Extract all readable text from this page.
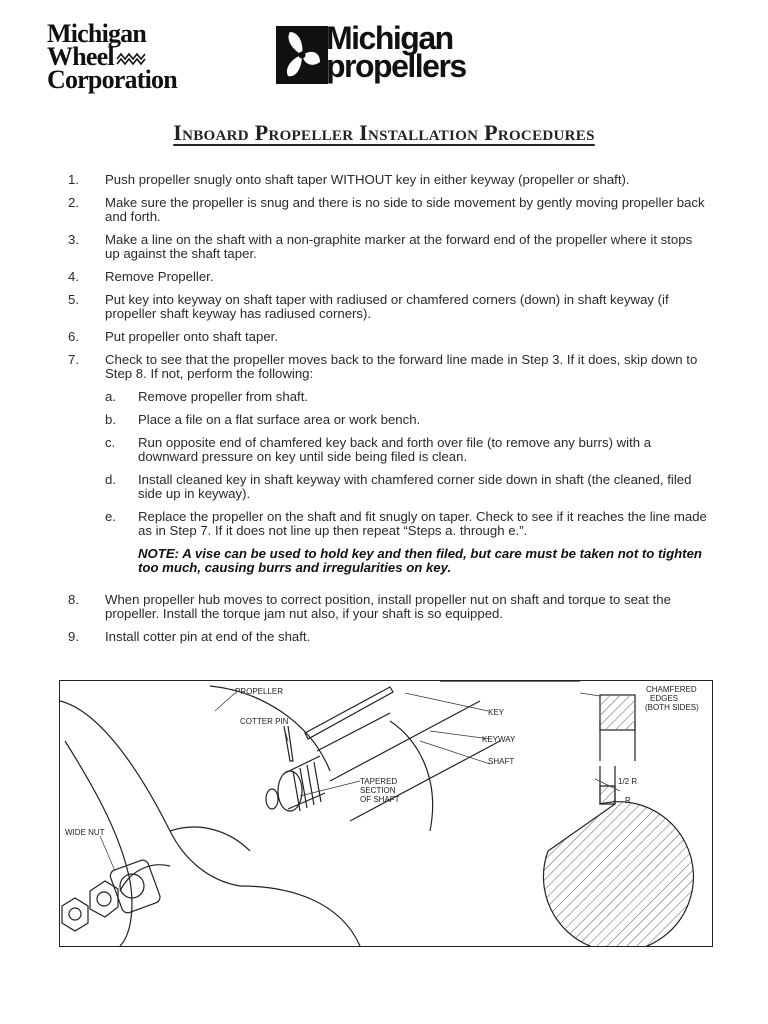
Michigan
Wheel
Corporation
Michigan
propellers
Inboard Propeller Installation Procedures
1.	Push propeller snugly onto shaft taper WITHOUT key in either keyway (propeller or shaft).
2.	Make sure the propeller is snug and there is no side to side movement by gently moving propeller back and forth.
3.	Make a line on the shaft with a non-graphite marker at the forward end of the propeller where it stops up against the shaft taper.
4.	Remove Propeller.
5.	Put key into keyway on shaft taper with radiused or chamfered corners (down) in shaft keyway (if propeller shaft keyway has radiused corners).
6.	Put propeller onto shaft taper.
7.	Check to see that the propeller moves back to the forward line made in Step 3. If it does, skip down to Step 8. If not, perform the following:
a.	Remove propeller from shaft.
b.	Place a file on a flat surface area or work bench.
c.	Run opposite end of chamfered key back and forth over file (to remove any burrs) with a downward pressure on key until side being filed is clean.
d.	Install cleaned key in shaft keyway with chamfered corner side down in shaft (the cleaned, filed side up in keyway).
e.	Replace the propeller on the shaft and fit snugly on taper. Check to see if it reaches the line made as in Step 7. If it does not line up then repeat “Steps a. through e.”.
NOTE: A vise can be used to hold key and then filed, but care must be taken not to tighten too much, causing burrs and irregularities on key.
8.	When propeller hub moves to correct position, install propeller nut on shaft and torque to seat the propeller. Install the torque jam nut also, if your shaft is so equipped.
9.	Install cotter pin at end of the shaft.
PROPELLER
COTTER PIN
KEY
KEYWAY
SHAFT
TAPERED
SECTION
OF SHAFT
WIDE NUT
CHAMFERED
EDGES
(BOTH SIDES)
1/2 R
R
